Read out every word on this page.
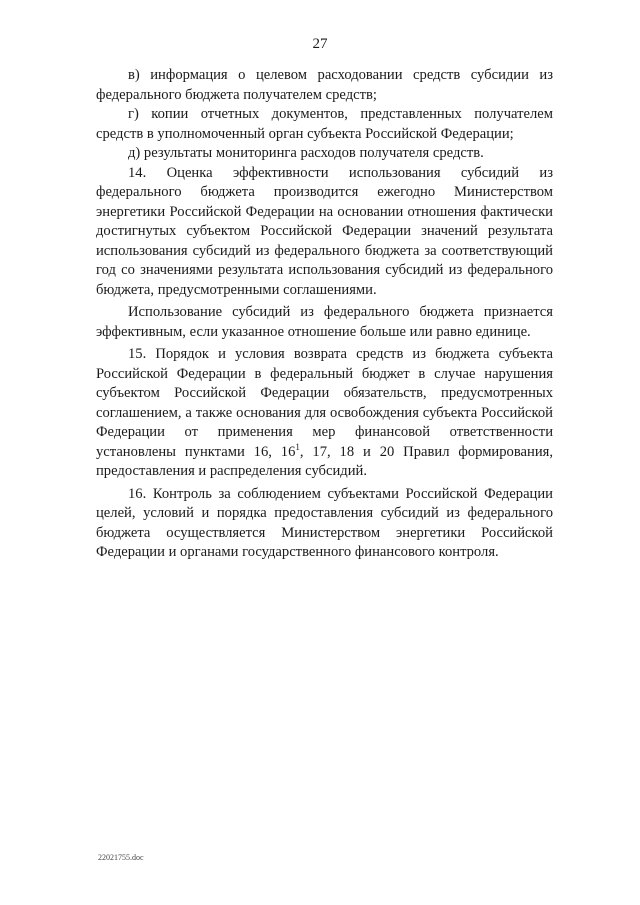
27

в) информация о целевом расходовании средств субсидии из федерального бюджета получателем средств;

г) копии отчетных документов, представленных получателем средств в уполномоченный орган субъекта Российской Федерации;

д) результаты мониторинга расходов получателя средств.

14. Оценка эффективности использования субсидий из федерального бюджета производится ежегодно Министерством энергетики Российской Федерации на основании отношения фактически достигнутых субъектом Российской Федерации значений результата использования субсидий из федерального бюджета за соответствующий год со значениями результата использования субсидий из федерального бюджета, предусмотренными соглашениями.

Использование субсидий из федерального бюджета признается эффективным, если указанное отношение больше или равно единице.

15. Порядок и условия возврата средств из бюджета субъекта Российской Федерации в федеральный бюджет в случае нарушения субъектом Российской Федерации обязательств, предусмотренных соглашением, а также основания для освобождения субъекта Российской Федерации от применения мер финансовой ответственности установлены пунктами 16, $16^1$, 17, 18 и 20 Правил формирования, предоставления и распределения субсидий.

16. Контроль за соблюдением субъектами Российской Федерации целей, условий и порядка предоставления субсидий из федерального бюджета осуществляется Министерством энергетики Российской Федерации и органами государственного финансового контроля.

22021755.doc
